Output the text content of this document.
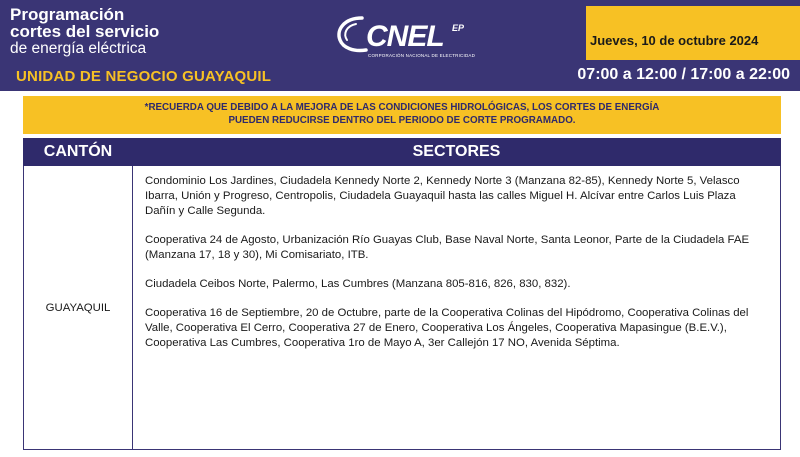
Programación
cortes del servicio
de energía eléctrica
UNIDAD DE NEGOCIO GUAYAQUIL
CNEL EP
CORPORACIÓN NACIONAL DE ELECTRICIDAD
Jueves, 10 de octubre 2024
07:00 a 12:00 / 17:00 a 22:00
*RECUERDA QUE DEBIDO A LA MEJORA DE LAS CONDICIONES HIDROLÓGICAS, LOS CORTES DE ENERGÍA
PUEDEN REDUCIRSE DENTRO DEL PERIODO DE CORTE PROGRAMADO.
CANTÓN	SECTORES
GUAYAQUIL	Condominio Los Jardines, Ciudadela Kennedy Norte 2, Kennedy Norte 3 (Manzana 82-85), Kennedy Norte 5, Velasco Ibarra, Unión y Progreso, Centropolis, Ciudadela Guayaquil hasta las calles Miguel H. Alcívar entre Carlos Luis Plaza Dañín y Calle Segunda.

Cooperativa 24 de Agosto, Urbanización Río Guayas Club, Base Naval Norte, Santa Leonor, Parte de la Ciudadela FAE (Manzana 17, 18 y 30), Mi Comisariato, ITB.

Ciudadela Ceibos Norte, Palermo, Las Cumbres (Manzana 805-816, 826, 830, 832).

Cooperativa 16 de Septiembre, 20 de Octubre, parte de la Cooperativa Colinas del Hipódromo, Cooperativa Colinas del Valle, Cooperativa El Cerro, Cooperativa 27 de Enero, Cooperativa Los Ángeles, Cooperativa Mapasingue (B.E.V.), Cooperativa Las Cumbres, Cooperativa 1ro de Mayo A, 3er Callejón 17 NO, Avenida Séptima.
